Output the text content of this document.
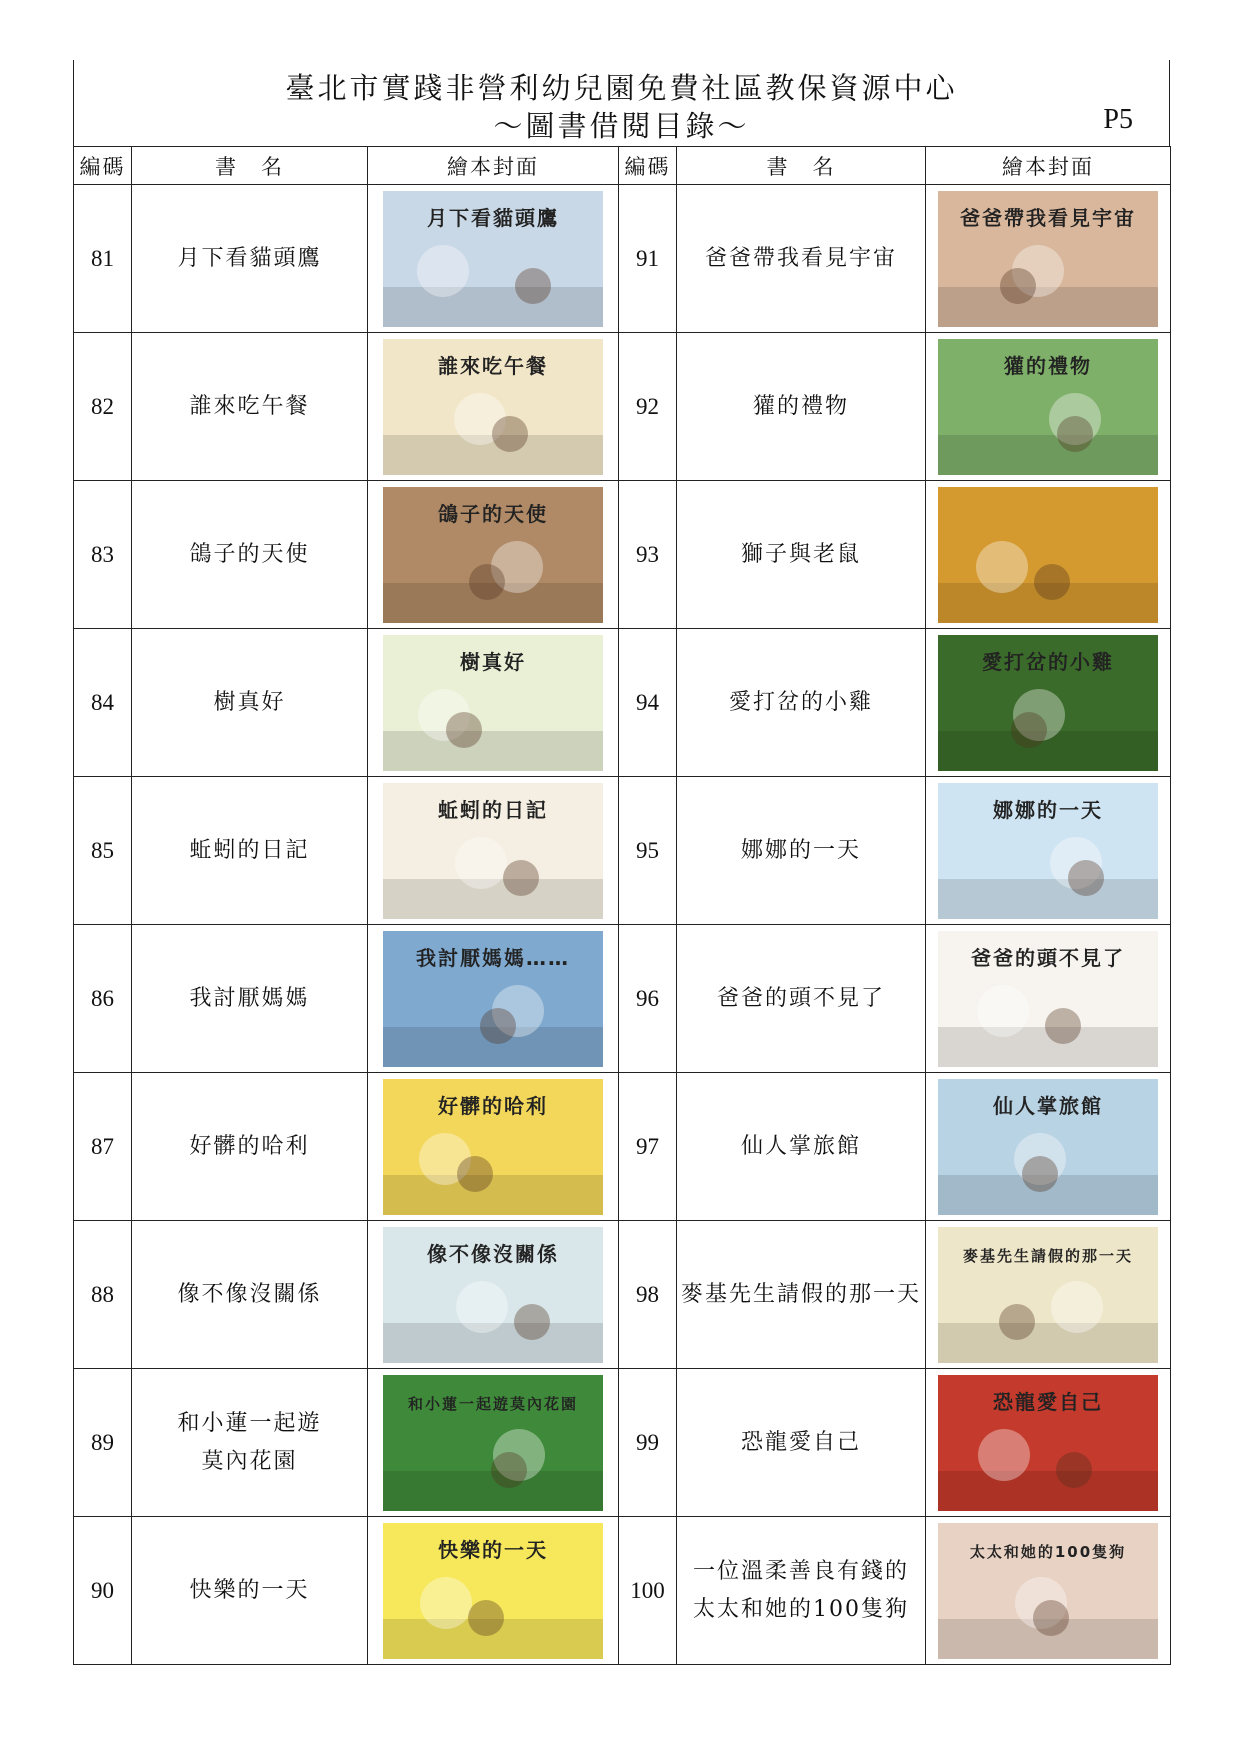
臺北市實踐非營利幼兒園免費社區教保資源中心
～圖書借閱目錄～	P5
編碼	書　名	繪本封面	編碼	書　名	繪本封面
81	月下看貓頭鷹	月下看貓頭鷹	91	爸爸帶我看見宇宙	爸爸帶我看見宇宙

82	誰來吃午餐	誰來吃午餐	92	獾的禮物	獾的禮物

83	鴿子的天使	鴿子的天使	93	獅子與老鼠

84	樹真好	樹真好	94	愛打岔的小雞	愛打岔的小雞

85	蚯蚓的日記	蚯蚓的日記	95	娜娜的一天	娜娜的一天

86	我討厭媽媽	我討厭媽媽……	96	爸爸的頭不見了	爸爸的頭不見了

87	好髒的哈利	好髒的哈利	97	仙人掌旅館	仙人掌旅館

88	像不像沒關係	像不像沒關係	98	麥基先生請假的那一天	麥基先生請假的那一天

89	和小蓮一起遊
莫內花園	和小蓮一起遊莫內花園	99	恐龍愛自己	恐龍愛自己

90	快樂的一天	快樂的一天	100	一位溫柔善良有錢的
太太和她的100隻狗	太太和她的100隻狗
